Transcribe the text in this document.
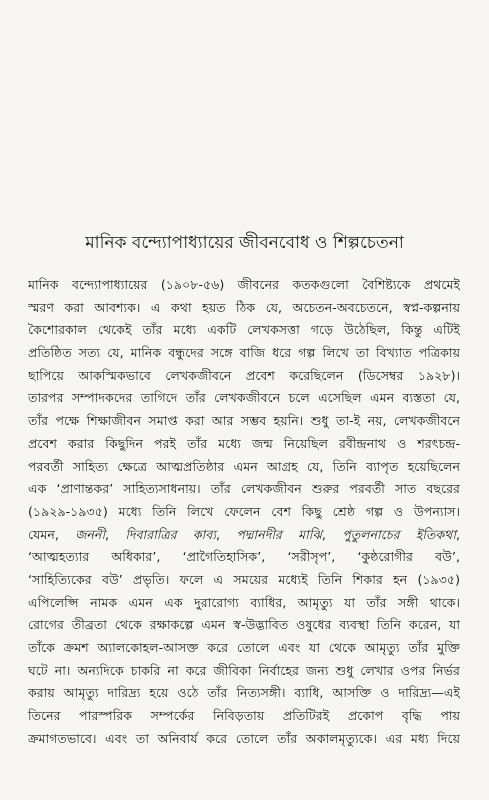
মানিক বন্দ্যোপাধ্যায়ের জীবনবোধ ও শিল্পচেতনা
মানিক বন্দ্যোপাধ্যায়ের (১৯০৮-৫৬) জীবনের কতকগুলো বৈশিষ্ট্যকে প্রথমেই
স্মরণ করা আবশ্যক। এ কথা হয়ত ঠিক যে, অচেতন-অবচেতনে, স্বপ্ন-কল্পনায়
কৈশোরকাল থেকেই তাঁর মধ্যে একটি লেখকসত্তা গড়ে উঠেছিল, কিন্তু এটিই
প্রতিষ্ঠিত সত্য যে, মানিক বন্ধুদের সঙ্গে বাজি ধরে গল্প লিখে তা বিখ্যাত পত্রিকায়
ছাপিয়ে আকস্মিকভাবে লেখকজীবনে প্রবেশ করেছিলেন (ডিসেম্বর ১৯২৮)।
তারপর সম্পাদকদের তাগিদে তাঁর লেখকজীবনে চলে এসেছিল এমন ব্যস্ততা যে,
তাঁর পক্ষে শিক্ষাজীবন সমাপ্ত করা আর সম্ভব হয়নি। শুধু তা-ই নয়, লেখকজীবনে
প্রবেশ করার কিছুদিন পরই তাঁর মধ্যে জন্ম নিয়েছিল রবীন্দ্রনাথ ও শরৎচন্দ্র-
পরবর্তী সাহিত্য ক্ষেত্রে আত্মপ্রতিষ্ঠার এমন আগ্রহ যে, তিনি ব্যাপৃত হয়েছিলেন
এক ‘প্রাণান্তকর’ সাহিত্যসাধনায়। তাঁর লেখকজীবন শুরুর পরবর্তী সাত বছরের
(১৯২৯-১৯৩৫) মধ্যে তিনি লিখে ফেলেন বেশ কিছু শ্রেষ্ঠ গল্প ও উপন্যাস।
যেমন, জননী, দিবারাত্রির কাব্য, পদ্মানদীর মাঝি, পুতুলনাচের ইতিকথা,
‘আত্মহত্যার অধিকার’, ‘প্রাগৈতিহাসিক’, ‘সরীসৃপ’, ‘কুষ্ঠরোগীর বউ’,
‘সাহিত্যিকের বউ’ প্রভৃতি। ফলে এ সময়ের মধ্যেই তিনি শিকার হন (১৯৩৫)
এপিলেপ্সি নামক এমন এক দুরারোগ্য ব্যাধির, আমৃত্যু যা তাঁর সঙ্গী থাকে।
রোগের তীব্রতা থেকে রক্ষাকল্পে এমন স্ব-উদ্ভাবিত ওষুধের ব্যবস্থা তিনি করেন, যা
তাঁকে ক্রমশ অ্যালকোহল-আসক্ত করে তোলে এবং যা থেকে আমৃত্যু তাঁর মুক্তি
ঘটে না। অন্যদিকে চাকরি না করে জীবিকা নির্বাহের জন্য শুধু লেখার ওপর নির্ভর
করায় আমৃত্যু দারিদ্র্য হয়ে ওঠে তাঁর নিত্যসঙ্গী। ব্যাধি, আসক্তি ও দারিদ্র্য—এই
তিনের পারস্পরিক সম্পর্কের নিবিড়তায় প্রতিটিরই প্রকোপ বৃদ্ধি পায়
ক্রমাগতভাবে। এবং তা অনিবার্য করে তোলে তাঁর অকালমৃত্যুকে। এর মধ্য দিয়ে
